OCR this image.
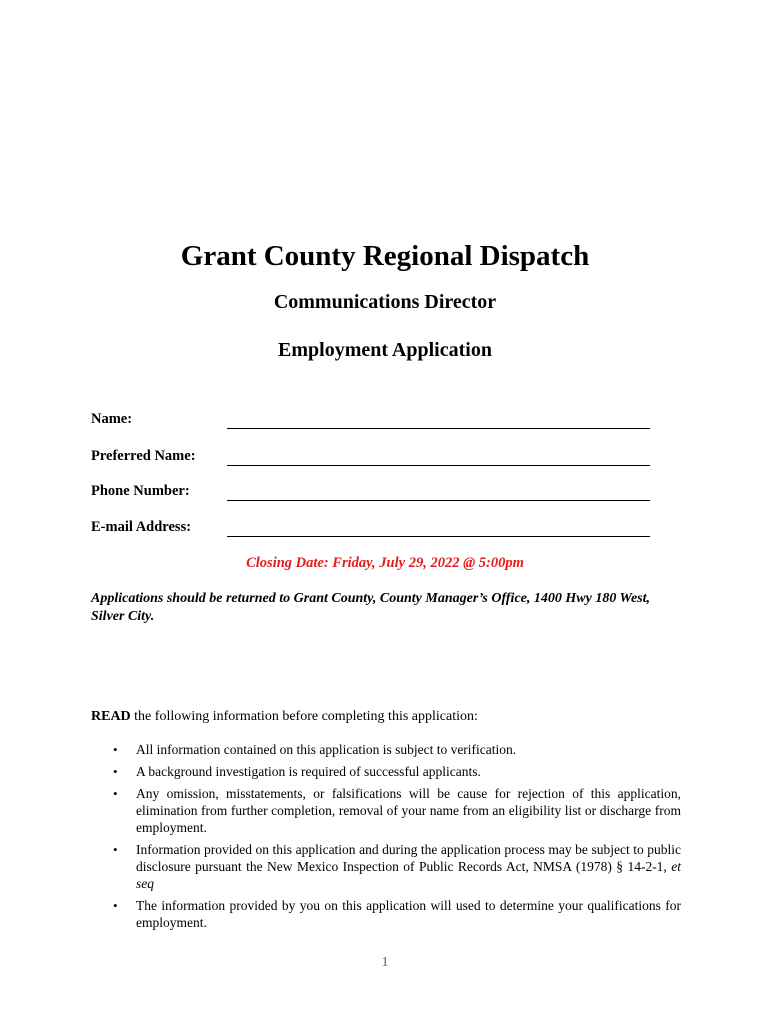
Grant County Regional Dispatch
Communications Director
Employment Application
Name:
Preferred Name:
Phone Number:
E-mail Address:
Closing Date: Friday, July 29, 2022 @ 5:00pm
Applications should be returned to Grant County, County Manager’s Office, 1400 Hwy 180 West, Silver City.
READ the following information before completing this application:
• All information contained on this application is subject to verification.
• A background investigation is required of successful applicants.
• Any omission, misstatements, or falsifications will be cause for rejection of this application, elimination from further completion, removal of your name from an eligibility list or discharge from employment.
• Information provided on this application and during the application process may be subject to public disclosure pursuant the New Mexico Inspection of Public Records Act, NMSA (1978) § 14-2-1, et seq
• The information provided by you on this application will used to determine your qualifications for employment.
1
